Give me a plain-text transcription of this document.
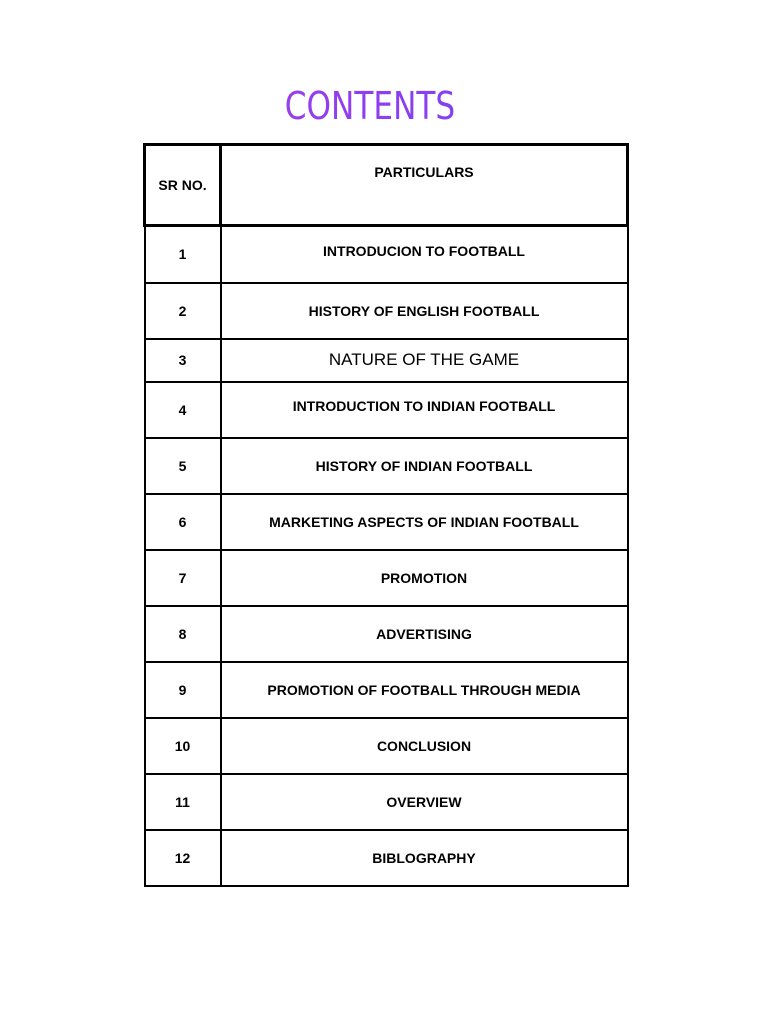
CONTENTS
SR NO.	PARTICULARS
1	INTRODUCION TO FOOTBALL
2	HISTORY OF ENGLISH FOOTBALL
3	NATURE OF THE GAME
4	INTRODUCTION TO INDIAN FOOTBALL
5	HISTORY OF INDIAN FOOTBALL
6	MARKETING ASPECTS OF INDIAN FOOTBALL
7	PROMOTION
8	ADVERTISING
9	PROMOTION OF FOOTBALL THROUGH MEDIA
10	CONCLUSION
11	OVERVIEW
12	BIBLOGRAPHY
